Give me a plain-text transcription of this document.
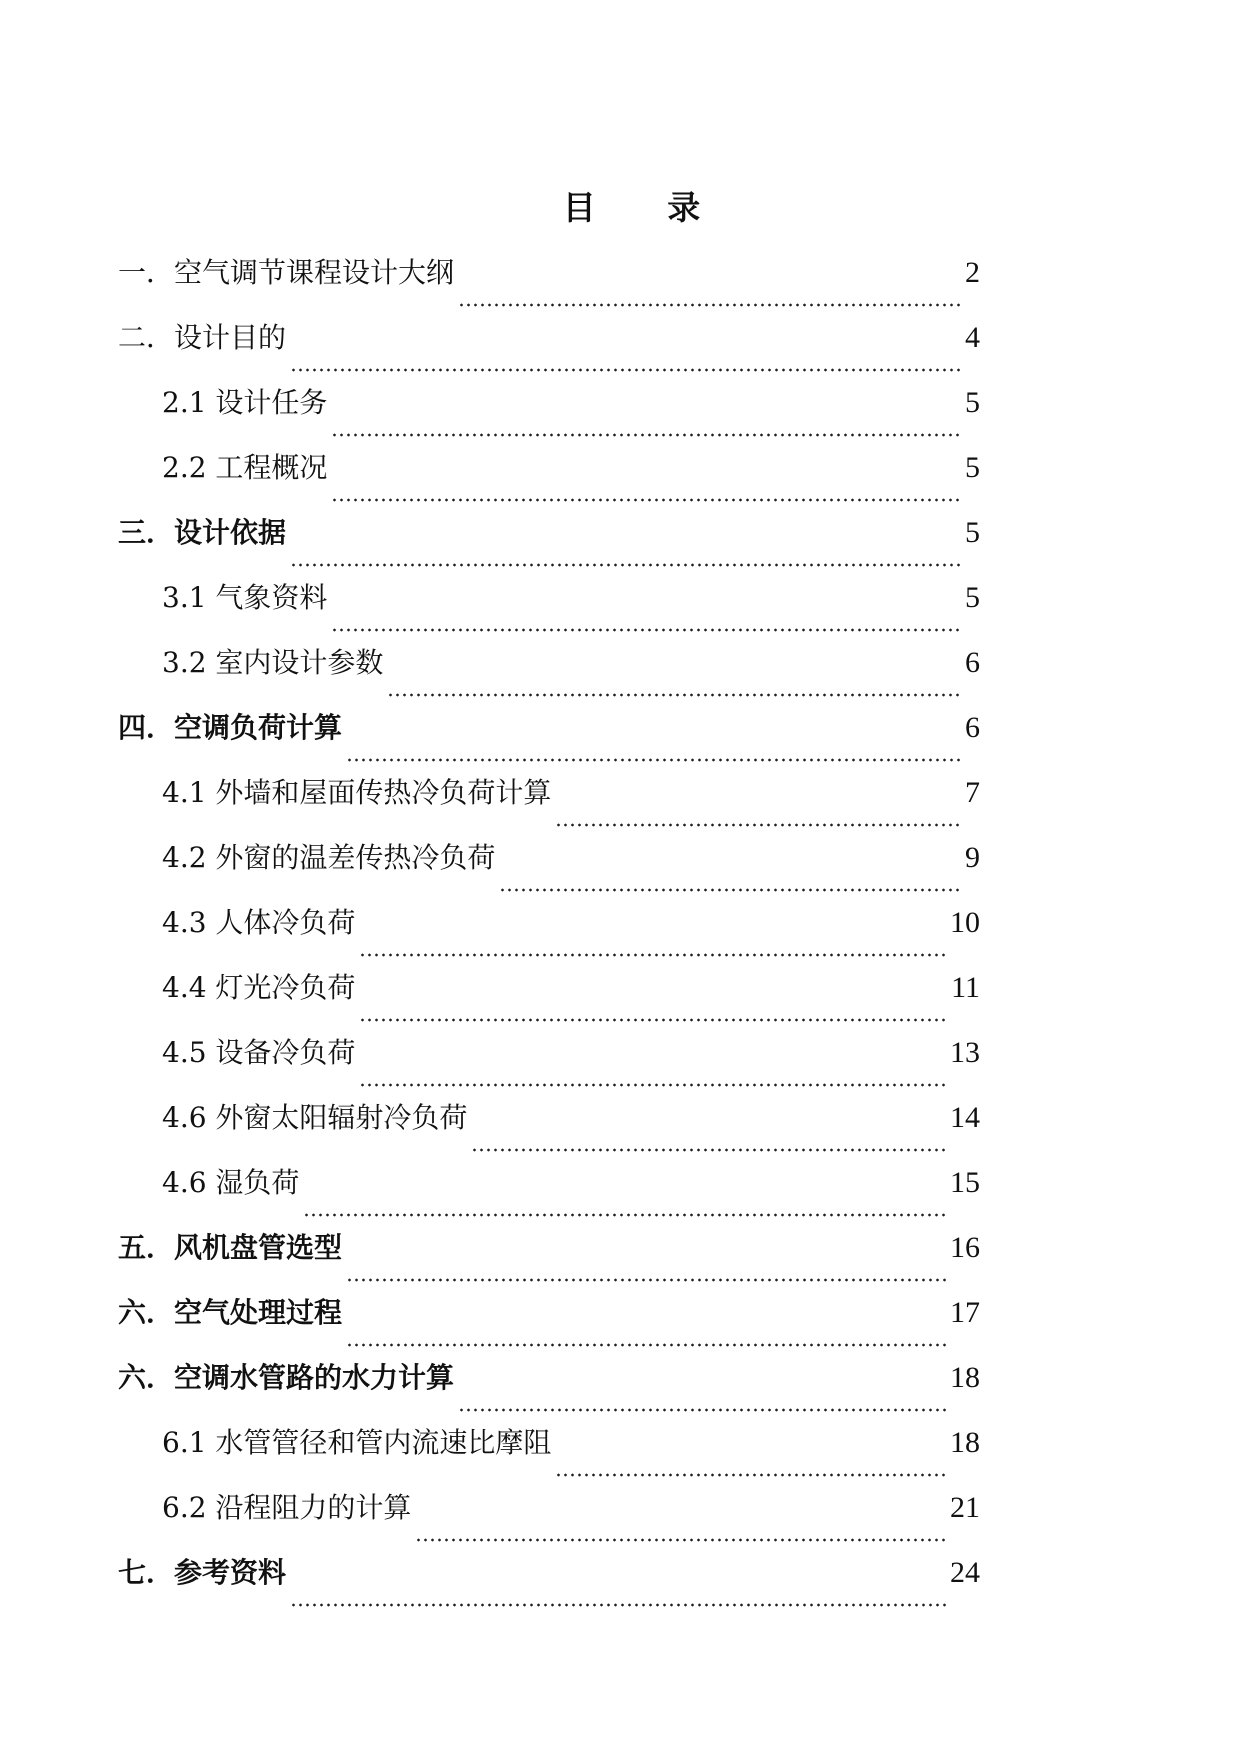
目 录
一．空气调节课程设计大纲	2
二．设计目的	4
2.1 设计任务	5
2.2 工程概况	5
三．设计依据	5
3.1 气象资料	5
3.2 室内设计参数	6
四．空调负荷计算	6
4.1 外墙和屋面传热冷负荷计算	7
4.2 外窗的温差传热冷负荷	9
4.3 人体冷负荷	10
4.4 灯光冷负荷	11
4.5 设备冷负荷	13
4.6 外窗太阳辐射冷负荷	14
4.6 湿负荷	15
五．风机盘管选型	16
六．空气处理过程	17
六．空调水管路的水力计算	18
6.1 水管管径和管内流速比摩阻	18
6.2 沿程阻力的计算	21
七．参考资料	24
